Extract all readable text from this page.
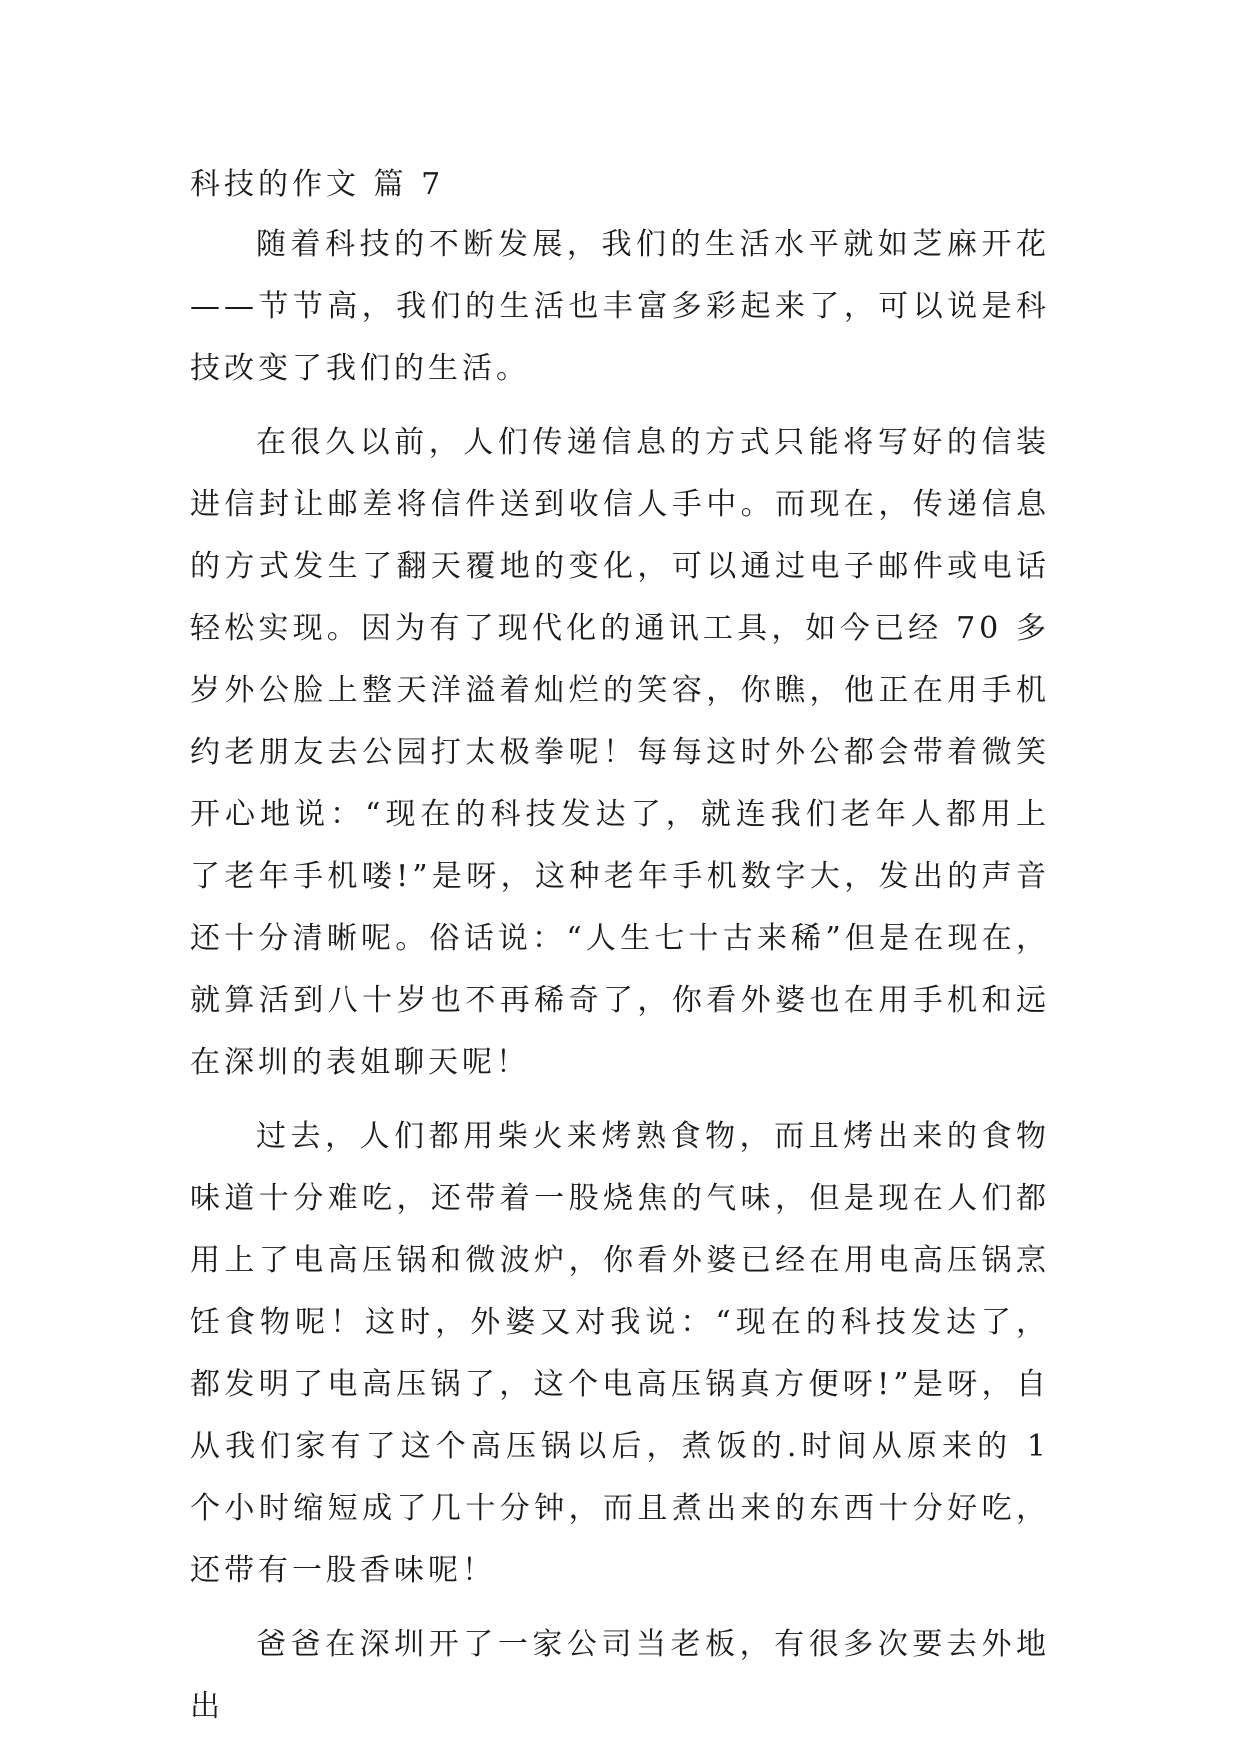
科技的作文 篇 7

随着科技的不断发展，我们的生活水平就如芝麻开花——节节高，我们的生活也丰富多彩起来了，可以说是科技改变了我们的生活。

在很久以前，人们传递信息的方式只能将写好的信装进信封让邮差将信件送到收信人手中。而现在，传递信息的方式发生了翻天覆地的变化，可以通过电子邮件或电话轻松实现。因为有了现代化的通讯工具，如今已经 70 多岁外公脸上整天洋溢着灿烂的笑容，你瞧，他正在用手机约老朋友去公园打太极拳呢！每每这时外公都会带着微笑开心地说：“现在的科技发达了，就连我们老年人都用上了老年手机喽!”是呀，这种老年手机数字大，发出的声音还十分清晰呢。俗话说：“人生七十古来稀”但是在现在，就算活到八十岁也不再稀奇了，你看外婆也在用手机和远在深圳的表姐聊天呢！

过去，人们都用柴火来烤熟食物，而且烤出来的食物味道十分难吃，还带着一股烧焦的气味，但是现在人们都用上了电高压锅和微波炉，你看外婆已经在用电高压锅烹饪食物呢！这时，外婆又对我说：“现在的科技发达了，都发明了电高压锅了，这个电高压锅真方便呀!”是呀，自从我们家有了这个高压锅以后，煮饭的.时间从原来的 1 个小时缩短成了几十分钟，而且煮出来的东西十分好吃，还带有一股香味呢！

爸爸在深圳开了一家公司当老板，有很多次要去外地出
